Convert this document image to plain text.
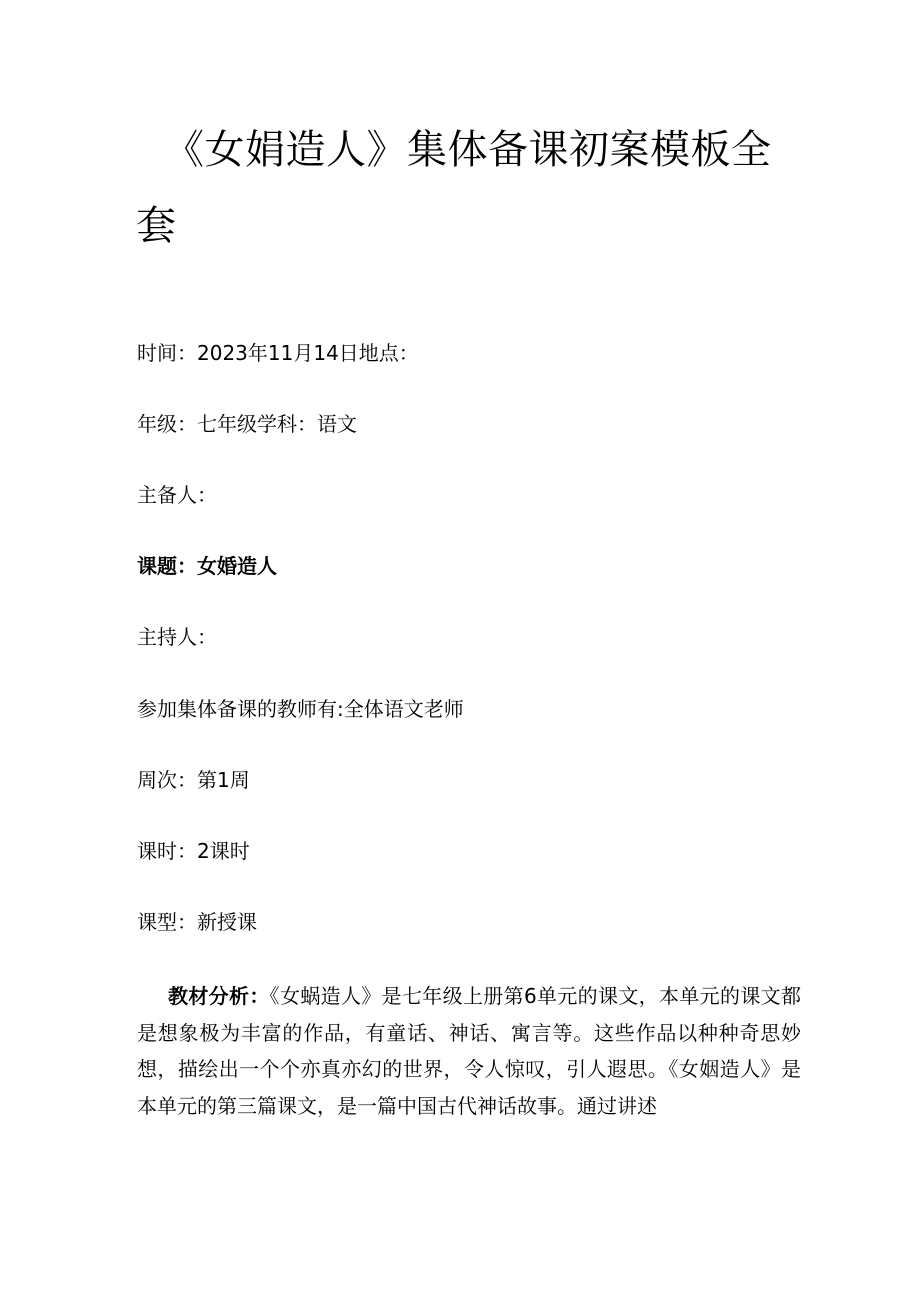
《女娟造人》集体备课初案模板全套

时间：2023年11月14日地点：

年级：七年级学科：语文

主备人：

课题：女婚造人

主持人：

参加集体备课的教师有:全体语文老师

周次：第1周

课时：2课时

课型：新授课

教材分析：《女蜗造人》是七年级上册第6单元的课文，本单元的课文都是想象极为丰富的作品，有童话、神话、寓言等。这些作品以种种奇思妙想，描绘出一个个亦真亦幻的世界，令人惊叹，引人遐思。《女姻造人》是本单元的第三篇课文，是一篇中国古代神话故事。通过讲述
